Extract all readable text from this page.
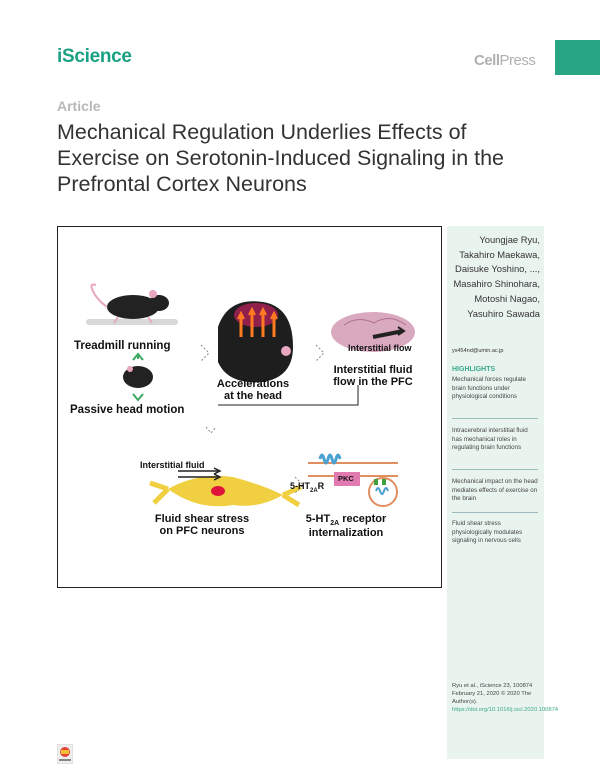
iScience	CellPress
Article
Mechanical Regulation Underlies Effects of Exercise on Serotonin-Induced Signaling in the Prefrontal Cortex Neurons
Treadmill running
Passive head motion
Accelerations
at the head
Interstitial flow
Interstitial fluid
flow in the PFC
Interstitial fluid
Fluid shear stress
on PFC neurons
$5-HT_{2A}R$
PKC
$5-HT_{2A}$ receptor
internalization
Youngjae Ryu, Takahiro Maekawa, Daisuke Yoshino, ..., Masahiro Shinohara, Motoshi Nagao, Yasuhiro Sawada
ys454nd@umin.ac.jp
HIGHLIGHTS
Mechanical forces regulate brain functions under physiological conditions
Intracerebral interstitial fluid has mechanical roles in regulating brain functions
Mechanical impact on the head mediates effects of exercise on the brain
Fluid shear stress physiologically modulates signaling in nervous cells
Ryu et al., iScience 23, 100874 February 21, 2020 © 2020 The Author(s).
https://doi.org/10.1016/j.isci.2020.100874
